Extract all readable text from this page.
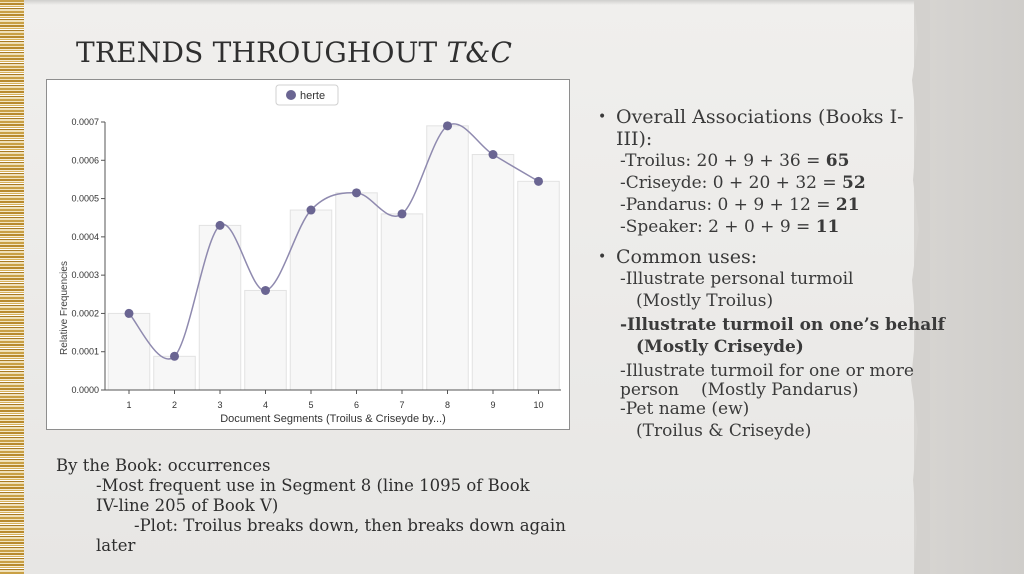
TRENDS THROUGHOUT T&C
0.0000
0.0001
0.0002
0.0003
0.0004
0.0005
0.0006
0.0007
1	2	3	4	5	6	7	8	9	10
herte
Relative Frequencies
Document Segments (Troilus & Criseyde by...)

• Overall Associations (Books I-III):

-Troilus: 20 + 9 + 36 = 65

-Criseyde: 0 + 20 + 32 = 52

-Pandarus: 0 + 9 + 12 = 21

-Speaker: 2 + 0 + 9 = 11

• Common uses:

-Illustrate personal turmoil

(Mostly Troilus)

-Illustrate turmoil on one’s behalf

(Mostly Criseyde)

-Illustrate turmoil for one or more

person (Mostly Pandarus)

-Pet name (ew)

(Troilus & Criseyde)

By the Book: occurrences

-Most frequent use in Segment 8 (line 1095 of Book

IV-line 205 of Book V)

-Plot: Troilus breaks down, then breaks down again

later
